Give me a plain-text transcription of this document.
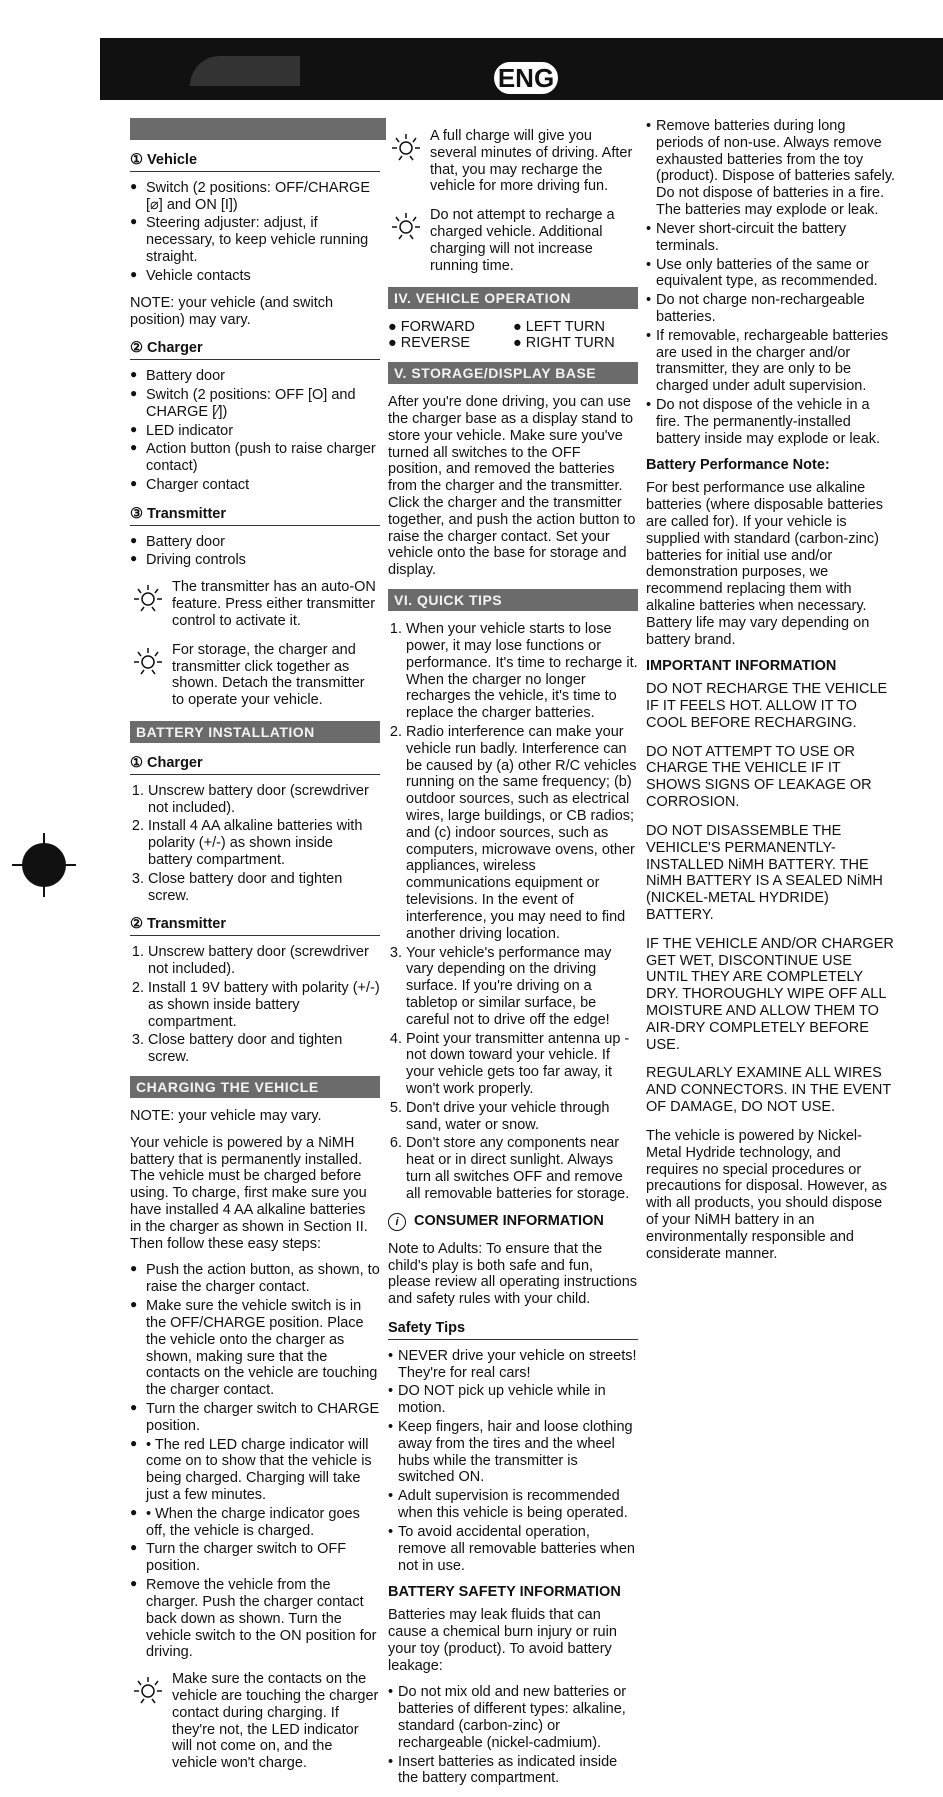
ENG
① Vehicle
● Switch (2 positions: OFF/CHARGE [⌀] and ON [I])
● Steering adjuster: adjust, if necessary, to keep vehicle running straight.
● Vehicle contacts

NOTE: your vehicle (and switch position) may vary.

② Charger
● Battery door
● Switch (2 positions: OFF [O] and CHARGE [⁄])
● LED indicator
● Action button (push to raise charger contact)
● Charger contact
③ Transmitter
● Battery door
● Driving controls
The transmitter has an auto-ON feature. Press either transmitter control to activate it.
For storage, the charger and transmitter click together as shown. Detach the transmitter to operate your vehicle.
BATTERY INSTALLATION
① Charger
1. Unscrew battery door (screwdriver not included).
2. Install 4 AA alkaline batteries with polarity (+/-) as shown inside battery compartment.
3. Close battery door and tighten screw.
② Transmitter
1. Unscrew battery door (screwdriver not included).
2. Install 1 9V battery with polarity (+/-) as shown inside battery compartment.
3. Close battery door and tighten screw.
CHARGING THE VEHICLE

NOTE: your vehicle may vary.

Your vehicle is powered by a NiMH battery that is permanently installed. The vehicle must be charged before using. To charge, first make sure you have installed 4 AA alkaline batteries in the charger as shown in Section II. Then follow these easy steps:

● Push the action button, as shown, to raise the charger contact.
● Make sure the vehicle switch is in the OFF/CHARGE position. Place the vehicle onto the charger as shown, making sure that the contacts on the vehicle are touching the charger contact.
● Turn the charger switch to CHARGE position.
● • The red LED charge indicator will come on to show that the vehicle is being charged. Charging will take just a few minutes.
● • When the charge indicator goes off, the vehicle is charged.
● Turn the charger switch to OFF position.
● Remove the vehicle from the charger. Push the charger contact back down as shown. Turn the vehicle switch to the ON position for driving.
Make sure the contacts on the vehicle are touching the charger contact during charging. If they're not, the LED indicator will not come on, and the vehicle won't charge.
A full charge will give you several minutes of driving. After that, you may recharge the vehicle for more driving fun.
Do not attempt to recharge a charged vehicle. Additional charging will not increase running time.
IV. VEHICLE OPERATION
● FORWARD	● LEFT TURN
● REVERSE	● RIGHT TURN
V. STORAGE/DISPLAY BASE

After you're done driving, you can use the charger base as a display stand to store your vehicle. Make sure you've turned all switches to the OFF position, and removed the batteries from the charger and the transmitter. Click the charger and the transmitter together, and push the action button to raise the charger contact. Set your vehicle onto the base for storage and display.

VI. QUICK TIPS
1. When your vehicle starts to lose power, it may lose functions or performance. It's time to recharge it. When the charger no longer recharges the vehicle, it's time to replace the charger batteries.
2. Radio interference can make your vehicle run badly. Interference can be caused by (a) other R/C vehicles running on the same frequency; (b) outdoor sources, such as electrical wires, large buildings, or CB radios; and (c) indoor sources, such as computers, microwave ovens, other appliances, wireless communications equipment or televisions. In the event of interference, you may need to find another driving location.
3. Your vehicle's performance may vary depending on the driving surface. If you're driving on a tabletop or similar surface, be careful not to drive off the edge!
4. Point your transmitter antenna up - not down toward your vehicle. If your vehicle gets too far away, it won't work properly.
5. Don't drive your vehicle through sand, water or snow.
6. Don't store any components near heat or in direct sunlight. Always turn all switches OFF and remove all removable batteries for storage.
i	CONSUMER INFORMATION

Note to Adults: To ensure that the child's play is both safe and fun, please review all operating instructions and safety rules with your child.

Safety Tips
• NEVER drive your vehicle on streets! They're for real cars!
• DO NOT pick up vehicle while in motion.
• Keep fingers, hair and loose clothing away from the tires and the wheel hubs while the transmitter is switched ON.
• Adult supervision is recommended when this vehicle is being operated.
• To avoid accidental operation, remove all removable batteries when not in use.
BATTERY SAFETY INFORMATION

Batteries may leak fluids that can cause a chemical burn injury or ruin your toy (product). To avoid battery leakage:

• Do not mix old and new batteries or batteries of different types: alkaline, standard (carbon-zinc) or rechargeable (nickel-cadmium).
• Insert batteries as indicated inside the battery compartment.
• Remove batteries during long periods of non-use. Always remove exhausted batteries from the toy (product). Dispose of batteries safely. Do not dispose of batteries in a fire. The batteries may explode or leak.
• Never short-circuit the battery terminals.
• Use only batteries of the same or equivalent type, as recommended.
• Do not charge non-rechargeable batteries.
• If removable, rechargeable batteries are used in the charger and/or transmitter, they are only to be charged under adult supervision.
• Do not dispose of the vehicle in a fire. The permanently-installed battery inside may explode or leak.
Battery Performance Note:

For best performance use alkaline batteries (where disposable batteries are called for). If your vehicle is supplied with standard (carbon-zinc) batteries for initial use and/or demonstration purposes, we recommend replacing them with alkaline batteries when necessary. Battery life may vary depending on battery brand.

IMPORTANT INFORMATION

DO NOT RECHARGE THE VEHICLE IF IT FEELS HOT. ALLOW IT TO COOL BEFORE RECHARGING.

DO NOT ATTEMPT TO USE OR CHARGE THE VEHICLE IF IT SHOWS SIGNS OF LEAKAGE OR CORROSION.

DO NOT DISASSEMBLE THE VEHICLE'S PERMANENTLY-INSTALLED NiMH BATTERY. THE NiMH BATTERY IS A SEALED NiMH (NICKEL-METAL HYDRIDE) BATTERY.

IF THE VEHICLE AND/OR CHARGER GET WET, DISCONTINUE USE UNTIL THEY ARE COMPLETELY DRY. THOROUGHLY WIPE OFF ALL MOISTURE AND ALLOW THEM TO AIR-DRY COMPLETELY BEFORE USE.

REGULARLY EXAMINE ALL WIRES AND CONNECTORS. IN THE EVENT OF DAMAGE, DO NOT USE.

The vehicle is powered by Nickel-Metal Hydride technology, and requires no special procedures or precautions for disposal. However, as with all products, you should dispose of your NiMH battery in an environmentally responsible and considerate manner.
